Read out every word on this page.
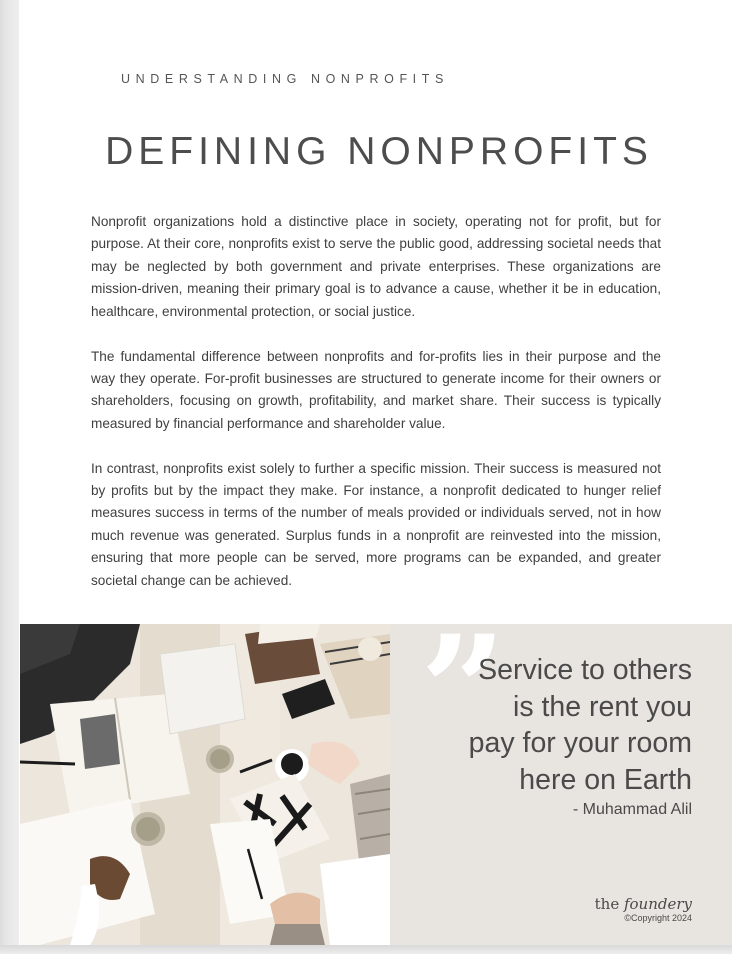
UNDERSTANDING NONPROFITS
DEFINING NONPROFITS

Nonprofit organizations hold a distinctive place in society, operating not for profit, but for purpose. At their core, nonprofits exist to serve the public good, addressing societal needs that may be neglected by both government and private enterprises. These organizations are mission-driven, meaning their primary goal is to advance a cause, whether it be in education, healthcare, environmental protection, or social justice.

The fundamental difference between nonprofits and for-profits lies in their purpose and the way they operate. For-profit businesses are structured to generate income for their owners or shareholders, focusing on growth, profitability, and market share. Their success is typically measured by financial performance and shareholder value.

In contrast, nonprofits exist solely to further a specific mission. Their success is measured not by profits but by the impact they make. For instance, a nonprofit dedicated to hunger relief measures success in terms of the number of meals provided or individuals served, not in how much revenue was generated. Surplus funds in a nonprofit are reinvested into the mission, ensuring that more people can be served, more programs can be expanded, and greater societal change can be achieved.

02
”
Service to others
is the rent you
pay for your room
here on Earth
- Muhammad Alil
the foundery
©Copyright 2024
